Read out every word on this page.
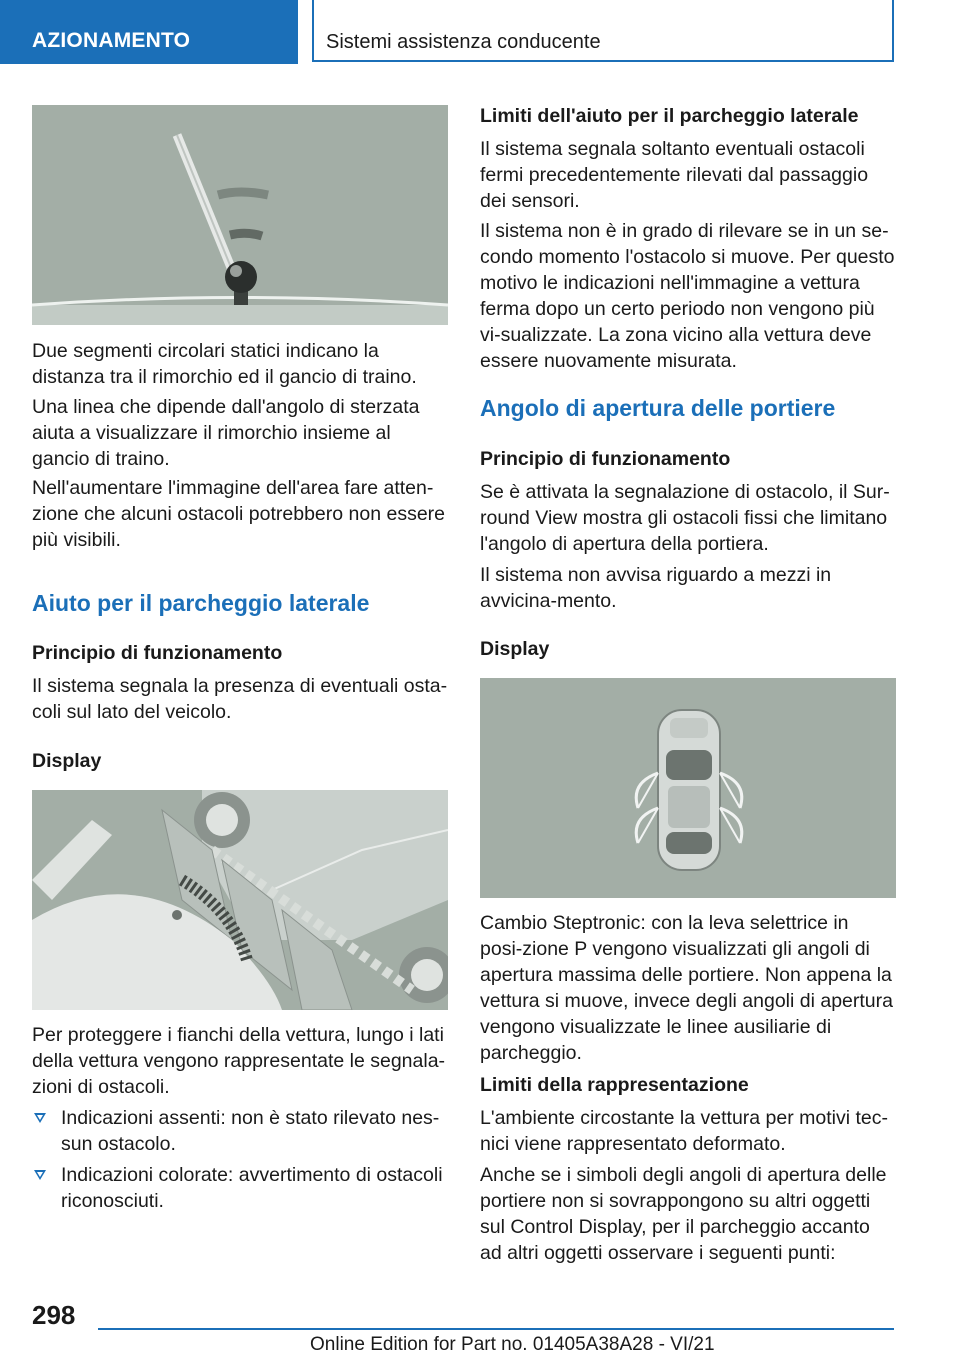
AZIONAMENTO	Sistemi assistenza conducente

Due segmenti circolari statici indicano la distanza tra il rimorchio ed il gancio di traino.

Una linea che dipende dall'angolo di sterzata aiuta a visualizzare il rimorchio insieme al gancio di traino.

Nell'aumentare l'immagine dell'area fare atten-zione che alcuni ostacoli potrebbero non essere più visibili.

Aiuto per il parcheggio laterale
Principio di funzionamento

Il sistema segnala la presenza di eventuali osta-coli sul lato del veicolo.

Display

Per proteggere i fianchi della vettura, lungo i lati della vettura vengono rappresentate le segnala-zioni di ostacoli.

Indicazioni assenti: non è stato rilevato nes-sun ostacolo.
Indicazioni colorate: avvertimento di ostacoli riconosciuti.
Limiti dell'aiuto per il parcheggio laterale

Il sistema segnala soltanto eventuali ostacoli fermi precedentemente rilevati dal passaggio dei sensori.

Il sistema non è in grado di rilevare se in un se-condo momento l'ostacolo si muove. Per questo motivo le indicazioni nell'immagine a vettura ferma dopo un certo periodo non vengono più vi-sualizzate. La zona vicino alla vettura deve essere nuovamente misurata.

Angolo di apertura delle portiere
Principio di funzionamento

Se è attivata la segnalazione di ostacolo, il Sur-round View mostra gli ostacoli fissi che limitano l'angolo di apertura della portiera.

Il sistema non avvisa riguardo a mezzi in avvicina-mento.

Display

Cambio Steptronic: con la leva selettrice in posi-zione P vengono visualizzati gli angoli di apertura massima delle portiere. Non appena la vettura si muove, invece degli angoli di apertura vengono visualizzate le linee ausiliarie di parcheggio.

Limiti della rappresentazione

L'ambiente circostante la vettura per motivi tec-nici viene rappresentato deformato.

Anche se i simboli degli angoli di apertura delle portiere non si sovrappongono su altri oggetti sul Control Display, per il parcheggio accanto ad altri oggetti osservare i seguenti punti:

298
Online Edition for Part no. 01405A38A28 - VI/21
